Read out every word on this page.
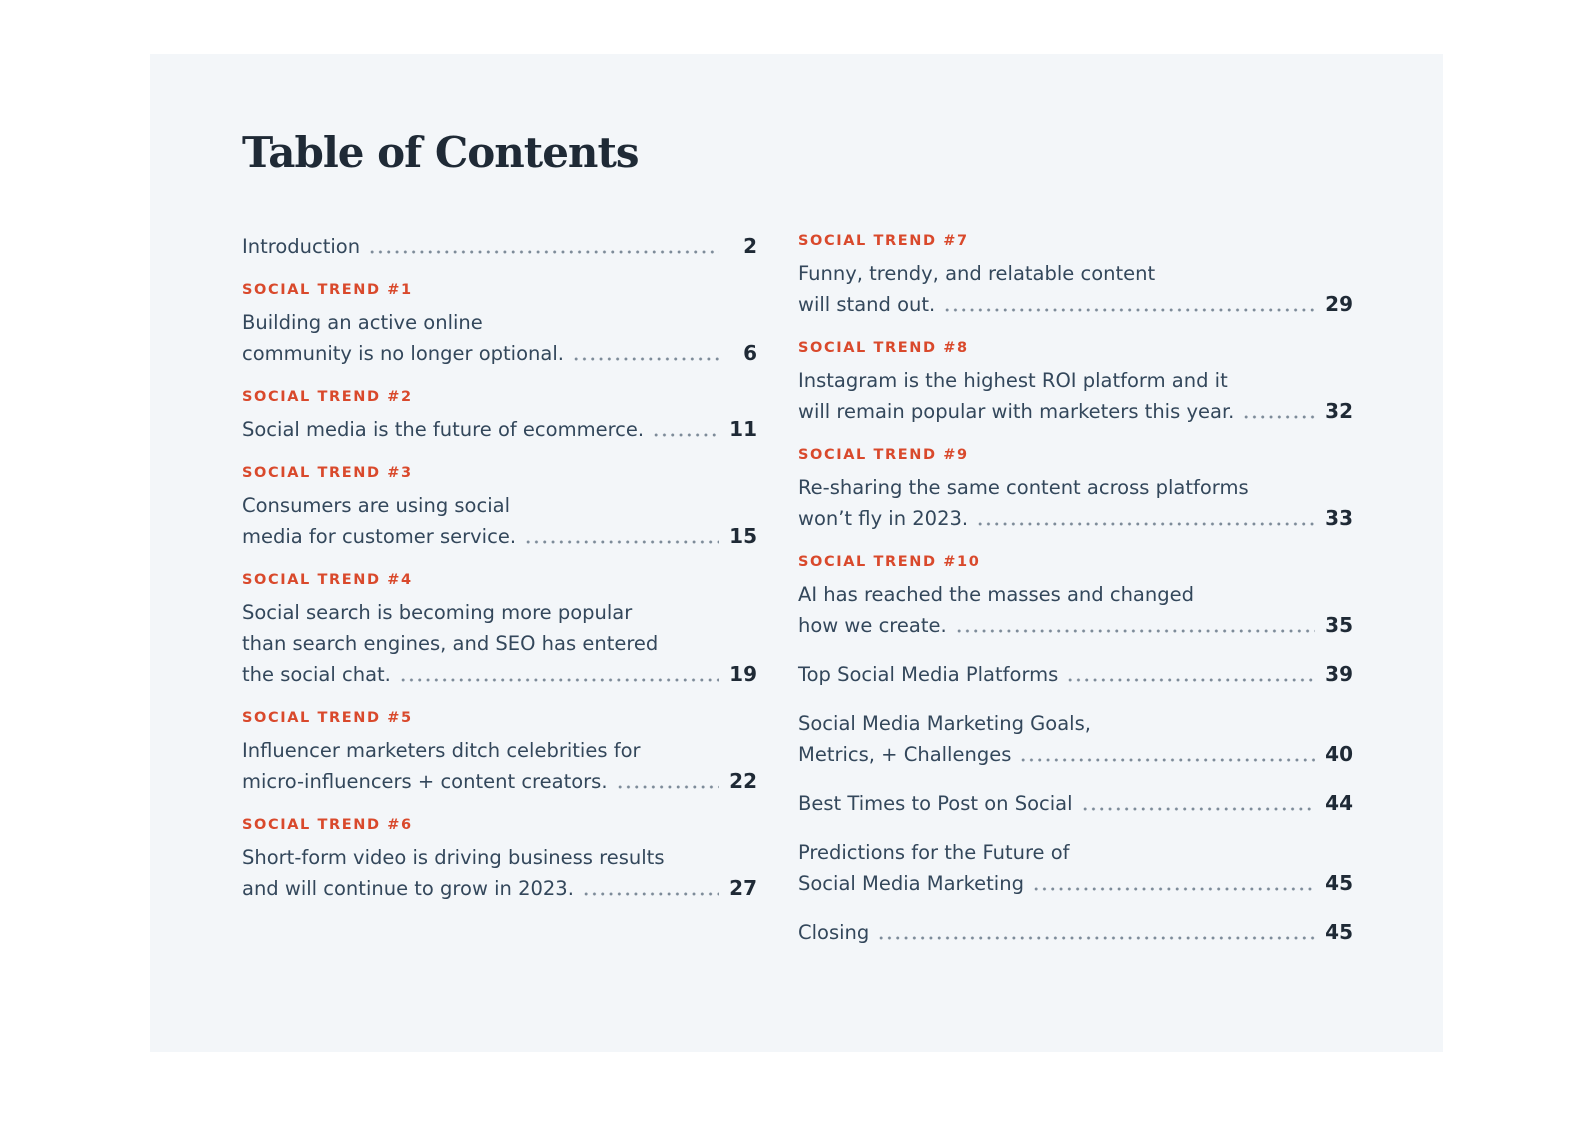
Table of Contents
Introduction	2
SOCIAL TREND #1
Building an active online
community is no longer optional.	6
SOCIAL TREND #2
Social media is the future of ecommerce.	11
SOCIAL TREND #3
Consumers are using social
media for customer service.	15
SOCIAL TREND #4
Social search is becoming more popular
than search engines, and SEO has entered
the social chat.	19
SOCIAL TREND #5
Influencer marketers ditch celebrities for
micro-influencers + content creators.	22
SOCIAL TREND #6
Short-form video is driving business results
and will continue to grow in 2023.	27
SOCIAL TREND #7
Funny, trendy, and relatable content
will stand out.	29
SOCIAL TREND #8
Instagram is the highest ROI platform and it
will remain popular with marketers this year.	32
SOCIAL TREND #9
Re-sharing the same content across platforms
won’t fly in 2023.	33
SOCIAL TREND #10
AI has reached the masses and changed
how we create.	35
Top Social Media Platforms	39
Social Media Marketing Goals,
Metrics, + Challenges	40
Best Times to Post on Social	44
Predictions for the Future of
Social Media Marketing	45
Closing	45
